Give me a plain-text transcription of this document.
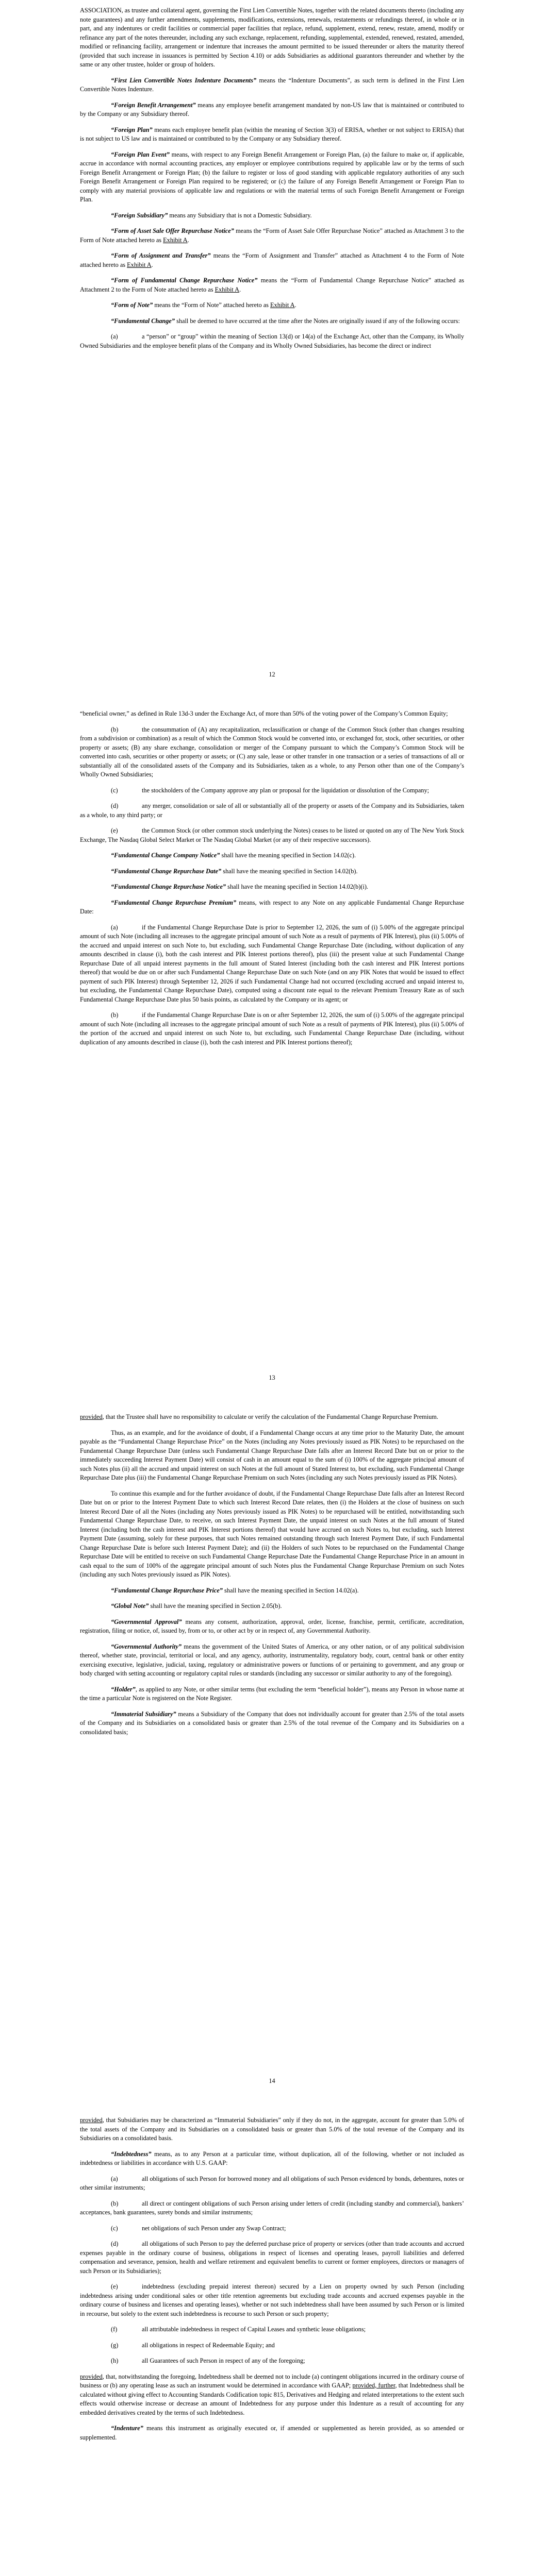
ASSOCIATION, as trustee and collateral agent, governing the First Lien Convertible Notes, together with the related documents thereto (including any note guarantees) and any further amendments, supplements, modifications, extensions, renewals, restatements or refundings thereof, in whole or in part, and any indentures or credit facilities or commercial paper facilities that replace, refund, supplement, extend, renew, restate, amend, modify or refinance any part of the notes thereunder, including any such exchange, replacement, refunding, supplemental, extended, renewed, restated, amended, modified or refinancing facility, arrangement or indenture that increases the amount permitted to be issued thereunder or alters the maturity thereof (provided that such increase in issuances is permitted by Section 4.10) or adds Subsidiaries as additional guarantors thereunder and whether by the same or any other trustee, holder or group of holders.

“First Lien Convertible Notes Indenture Documents” means the “Indenture Documents”, as such term is defined in the First Lien Convertible Notes Indenture.

“Foreign Benefit Arrangement” means any employee benefit arrangement mandated by non-US law that is maintained or contributed to by the Company or any Subsidiary thereof.

“Foreign Plan” means each employee benefit plan (within the meaning of Section 3(3) of ERISA, whether or not subject to ERISA) that is not subject to US law and is maintained or contributed to by the Company or any Subsidiary thereof.

“Foreign Plan Event” means, with respect to any Foreign Benefit Arrangement or Foreign Plan, (a) the failure to make or, if applicable, accrue in accordance with normal accounting practices, any employer or employee contributions required by applicable law or by the terms of such Foreign Benefit Arrangement or Foreign Plan; (b) the failure to register or loss of good standing with applicable regulatory authorities of any such Foreign Benefit Arrangement or Foreign Plan required to be registered; or (c) the failure of any Foreign Benefit Arrangement or Foreign Plan to comply with any material provisions of applicable law and regulations or with the material terms of such Foreign Benefit Arrangement or Foreign Plan.

“Foreign Subsidiary” means any Subsidiary that is not a Domestic Subsidiary.

“Form of Asset Sale Offer Repurchase Notice” means the “Form of Asset Sale Offer Repurchase Notice” attached as Attachment 3 to the Form of Note attached hereto as Exhibit A.

“Form of Assignment and Transfer” means the “Form of Assignment and Transfer” attached as Attachment 4 to the Form of Note attached hereto as Exhibit A.

“Form of Fundamental Change Repurchase Notice” means the “Form of Fundamental Change Repurchase Notice” attached as Attachment 2 to the Form of Note attached hereto as Exhibit A.

“Form of Note” means the “Form of Note” attached hereto as Exhibit A.

“Fundamental Change” shall be deemed to have occurred at the time after the Notes are originally issued if any of the following occurs:

(a)	a “person” or “group” within the meaning of Section 13(d) or 14(a) of the Exchange Act, other than the Company, its Wholly Owned Subsidiaries and the employee benefit plans of the Company and its Wholly Owned Subsidiaries, has become the direct or indirect

12

“beneficial owner,” as defined in Rule 13d-3 under the Exchange Act, of more than 50% of the voting power of the Company’s Common Equity;

(b)	the consummation of (A) any recapitalization, reclassification or change of the Common Stock (other than changes resulting from a subdivision or combination) as a result of which the Common Stock would be converted into, or exchanged for, stock, other securities, or other property or assets; (B) any share exchange, consolidation or merger of the Company pursuant to which the Company’s Common Stock will be converted into cash, securities or other property or assets; or (C) any sale, lease or other transfer in one transaction or a series of transactions of all or substantially all of the consolidated assets of the Company and its Subsidiaries, taken as a whole, to any Person other than one of the Company’s Wholly Owned Subsidiaries;

(c)	the stockholders of the Company approve any plan or proposal for the liquidation or dissolution of the Company;

(d)	any merger, consolidation or sale of all or substantially all of the property or assets of the Company and its Subsidiaries, taken as a whole, to any third party; or

(e)	the Common Stock (or other common stock underlying the Notes) ceases to be listed or quoted on any of The New York Stock Exchange, The Nasdaq Global Select Market or The Nasdaq Global Market (or any of their respective successors).

“Fundamental Change Company Notice” shall have the meaning specified in Section 14.02(c).

“Fundamental Change Repurchase Date” shall have the meaning specified in Section 14.02(b).

“Fundamental Change Repurchase Notice” shall have the meaning specified in Section 14.02(b)(i).

“Fundamental Change Repurchase Premium” means, with respect to any Note on any applicable Fundamental Change Repurchase Date:

(a)	if the Fundamental Change Repurchase Date is prior to September 12, 2026, the sum of (i) 5.00% of the aggregate principal amount of such Note (including all increases to the aggregate principal amount of such Note as a result of payments of PIK Interest), plus (ii) 5.00% of the accrued and unpaid interest on such Note to, but excluding, such Fundamental Change Repurchase Date (including, without duplication of any amounts described in clause (i), both the cash interest and PIK Interest portions thereof), plus (iii) the present value at such Fundamental Change Repurchase Date of all unpaid interest payments in the full amount of Stated Interest (including both the cash interest and PIK Interest portions thereof) that would be due on or after such Fundamental Change Repurchase Date on such Note (and on any PIK Notes that would be issued to effect payment of such PIK Interest) through September 12, 2026 if such Fundamental Change had not occurred (excluding accrued and unpaid interest to, but excluding, the Fundamental Change Repurchase Date), computed using a discount rate equal to the relevant Premium Treasury Rate as of such Fundamental Change Repurchase Date plus 50 basis points, as calculated by the Company or its agent; or

(b)	if the Fundamental Change Repurchase Date is on or after September 12, 2026, the sum of (i) 5.00% of the aggregate principal amount of such Note (including all increases to the aggregate principal amount of such Note as a result of payments of PIK Interest), plus (ii) 5.00% of the portion of the accrued and unpaid interest on such Note to, but excluding, such Fundamental Change Repurchase Date (including, without duplication of any amounts described in clause (i), both the cash interest and PIK Interest portions thereof);

13

provided, that the Trustee shall have no responsibility to calculate or verify the calculation of the Fundamental Change Repurchase Premium.

Thus, as an example, and for the avoidance of doubt, if a Fundamental Change occurs at any time prior to the Maturity Date, the amount payable as the “Fundamental Change Repurchase Price” on the Notes (including any Notes previously issued as PIK Notes) to be repurchased on the Fundamental Change Repurchase Date (unless such Fundamental Change Repurchase Date falls after an Interest Record Date but on or prior to the immediately succeeding Interest Payment Date) will consist of cash in an amount equal to the sum of (i) 100% of the aggregate principal amount of such Notes plus (ii) all the accrued and unpaid interest on such Notes at the full amount of Stated Interest to, but excluding, such Fundamental Change Repurchase Date plus (iii) the Fundamental Change Repurchase Premium on such Notes (including any such Notes previously issued as PIK Notes).

To continue this example and for the further avoidance of doubt, if the Fundamental Change Repurchase Date falls after an Interest Record Date but on or prior to the Interest Payment Date to which such Interest Record Date relates, then (i) the Holders at the close of business on such Interest Record Date of all the Notes (including any Notes previously issued as PIK Notes) to be repurchased will be entitled, notwithstanding such Fundamental Change Repurchase Date, to receive, on such Interest Payment Date, the unpaid interest on such Notes at the full amount of Stated Interest (including both the cash interest and PIK Interest portions thereof) that would have accrued on such Notes to, but excluding, such Interest Payment Date (assuming, solely for these purposes, that such Notes remained outstanding through such Interest Payment Date, if such Fundamental Change Repurchase Date is before such Interest Payment Date); and (ii) the Holders of such Notes to be repurchased on the Fundamental Change Repurchase Date will be entitled to receive on such Fundamental Change Repurchase Date the Fundamental Change Repurchase Price in an amount in cash equal to the sum of 100% of the aggregate principal amount of such Notes plus the Fundamental Change Repurchase Premium on such Notes (including any such Notes previously issued as PIK Notes).

“Fundamental Change Repurchase Price” shall have the meaning specified in Section 14.02(a).

“Global Note” shall have the meaning specified in Section 2.05(b).

“Governmental Approval” means any consent, authorization, approval, order, license, franchise, permit, certificate, accreditation, registration, filing or notice, of, issued by, from or to, or other act by or in respect of, any Governmental Authority.

“Governmental Authority” means the government of the United States of America, or any other nation, or of any political subdivision thereof, whether state, provincial, territorial or local, and any agency, authority, instrumentality, regulatory body, court, central bank or other entity exercising executive, legislative, judicial, taxing, regulatory or administrative powers or functions of or pertaining to government, and any group or body charged with setting accounting or regulatory capital rules or standards (including any successor or similar authority to any of the foregoing).

“Holder”, as applied to any Note, or other similar terms (but excluding the term “beneficial holder”), means any Person in whose name at the time a particular Note is registered on the Note Register.

“Immaterial Subsidiary” means a Subsidiary of the Company that does not individually account for greater than 2.5% of the total assets of the Company and its Subsidiaries on a consolidated basis or greater than 2.5% of the total revenue of the Company and its Subsidiaries on a consolidated basis;

14

provided, that Subsidiaries may be characterized as “Immaterial Subsidiaries” only if they do not, in the aggregate, account for greater than 5.0% of the total assets of the Company and its Subsidiaries on a consolidated basis or greater than 5.0% of the total revenue of the Company and its Subsidiaries on a consolidated basis.

“Indebtedness” means, as to any Person at a particular time, without duplication, all of the following, whether or not included as indebtedness or liabilities in accordance with U.S. GAAP:

(a)	all obligations of such Person for borrowed money and all obligations of such Person evidenced by bonds, debentures, notes or other similar instruments;

(b)	all direct or contingent obligations of such Person arising under letters of credit (including standby and commercial), bankers’ acceptances, bank guarantees, surety bonds and similar instruments;

(c)	net obligations of such Person under any Swap Contract;

(d)	all obligations of such Person to pay the deferred purchase price of property or services (other than trade accounts and accrued expenses payable in the ordinary course of business, obligations in respect of licenses and operating leases, payroll liabilities and deferred compensation and severance, pension, health and welfare retirement and equivalent benefits to current or former employees, directors or managers of such Person or its Subsidiaries);

(e)	indebtedness (excluding prepaid interest thereon) secured by a Lien on property owned by such Person (including indebtedness arising under conditional sales or other title retention agreements but excluding trade accounts and accrued expenses payable in the ordinary course of business and licenses and operating leases), whether or not such indebtedness shall have been assumed by such Person or is limited in recourse, but solely to the extent such indebtedness is recourse to such Person or such property;

(f)	all attributable indebtedness in respect of Capital Leases and synthetic lease obligations;

(g)	all obligations in respect of Redeemable Equity; and

(h)	all Guarantees of such Person in respect of any of the foregoing;

provided, that, notwithstanding the foregoing, Indebtedness shall be deemed not to include (a) contingent obligations incurred in the ordinary course of business or (b) any operating lease as such an instrument would be determined in accordance with GAAP; provided, further, that Indebtedness shall be calculated without giving effect to Accounting Standards Codification topic 815, Derivatives and Hedging and related interpretations to the extent such effects would otherwise increase or decrease an amount of Indebtedness for any purpose under this Indenture as a result of accounting for any embedded derivatives created by the terms of such Indebtedness.

“Indenture” means this instrument as originally executed or, if amended or supplemented as herein provided, as so amended or supplemented.
